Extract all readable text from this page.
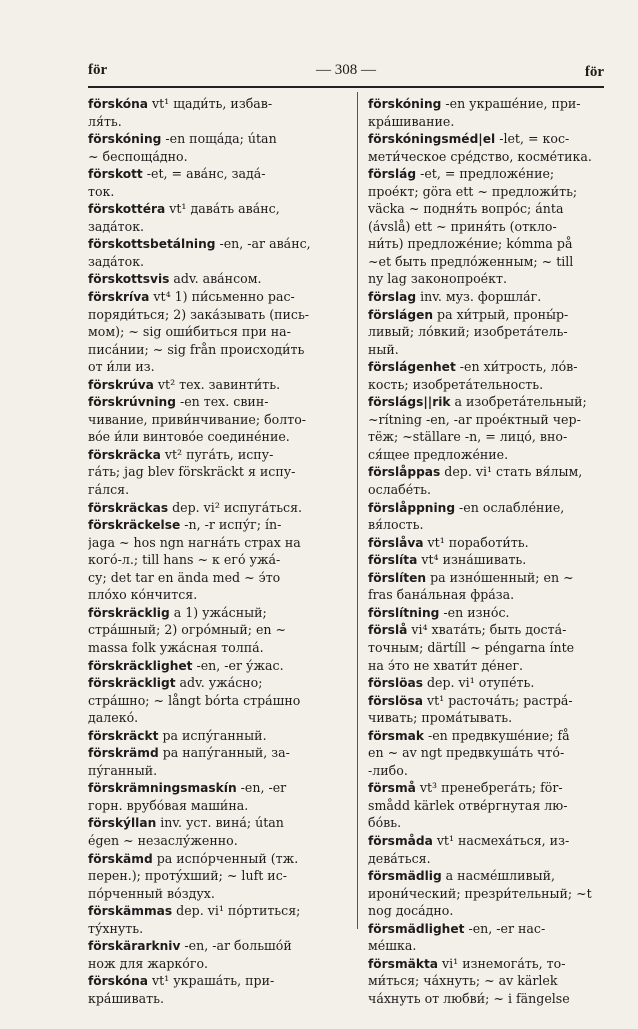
för	— 308 —	för
förskóna vt¹ щади́ть, избав-
ля́ть.
förskóning -en поща́да; útan
~ беспоща́дно.
förskott -et, = ава́нс, зада́-
ток.
förskottéra vt¹ дава́ть ава́нс,
зада́ток.
förskottsbetálning -en, -ar ава́нс,
зада́ток.
förskottsvis adv. ава́нсом.
förskríva vt⁴ 1) пи́сьменно рас-
поряди́ться; 2) зака́зывать (пись-
мом); ~ sig оши́биться при на-
писа́нии; ~ sig från происходи́ть
от и́ли из.
förskrúva vt² тех. завинти́ть.
förskrúvning -en тех. свин-
чивание, приви́нчивание; болто-
во́е и́ли винтово́е соедине́ние.
förskräcka vt² пуга́ть, испу-
га́ть; jag blev förskräckt я испу-
га́лся.
förskräckas dep. vi² испуга́ться.
förskräckelse -n, -r испу́г; ín-
jaga ~ hos ngn нагна́ть страх на
кого́-л.; till hans ~ к его́ ужа́-
су; det tar en ända med ~ э́то
пло́хо ко́нчится.
förskräcklig a 1) ужа́сный;
стра́шный; 2) огро́мный; en ~
massa folk ужа́сная толпа́.
förskräcklighet -en, -er у́жас.
förskräckligt adv. ужа́сно;
стра́шно; ~ långt bórta стра́шно
далеко́.
förskräckt pa испу́ганный.
förskrämd pa напу́ганный, за-
пу́ганный.
förskrämningsmaskín -en, -er
горн. врубо́вая маши́на.
förskýllan inv. уст. вина́; útan
égen ~ незаслу́женно.
förskämd pa испо́рченный (тж.
перен.); протýхший; ~ luft ис-
по́рченный во́здух.
förskämmas dep. vi¹ по́ртиться;
ту́хнуть.
förskärarkniv -en, -ar большо́й
нож для жарко́го.
förskóna vt¹ украша́ть, при-
кра́шивать.
förskóning -en украше́ние, при-
кра́шивание.
förskóningsméd|el -let, = кос-
мети́ческое сре́дство, косме́тика.
förslág -et, = предложе́ние;
прое́кт; göra ett ~ предложи́ть;
väcka ~ подня́ть вопро́с; ánta
(ávslå) ett ~ приня́ть (откло-
ни́ть) предложе́ние; kómma på
~et быть предло́женным; ~ till
ny lag законопрое́кт.
förslag inv. муз. форшла́г.
förslágen pa хи́трый, проны́р-
ливый; ло́вкий; изобрета́тель-
ный.
förslágenhet -en хи́трость, ло́в-
кость; изобрета́тельность.
förslágs||rik a изобрета́тельный;
~rítning -en, -ar прое́ктный чер-
тёж; ~ställare -n, = лицо́, вно-
ся́щее предложе́ние.
förslåppas dep. vi¹ стать вя́лым,
ослабе́ть.
förslåppning -en ослабле́ние,
вя́лость.
förslåva vt¹ поработи́ть.
förslíta vt⁴ изна́шивать.
förslíten pa изно́шенный; en ~
fras бана́льная фра́за.
förslítning -en изно́с.
förslå vi⁴ хвата́ть; быть доста́-
точным; därtíll ~ péngarna ínte
на э́то не хвати́т де́нег.
förslöas dep. vi¹ отупе́ть.
förslösa vt¹ расточа́ть; растра́-
чивать; прома́тывать.
försmak -en предвкуше́ние; få
en ~ av ngt предвкуша́ть что́-
-либо.
försmå vt³ пренебрега́ть; för-
smådd kärlek отве́ргнутая лю-
бо́вь.
försmåda vt¹ насмеха́ться, из-
дева́ться.
försmädlig a насме́шливый,
ирони́ческий; презри́тельный; ~t
nog доса́дно.
försmädlighet -en, -er нас-
ме́шка.
försmäkta vi¹ изнемога́ть, то-
ми́ться; ча́хнуть; ~ av kärlek
ча́хнуть от любви́; ~ i fängelse
